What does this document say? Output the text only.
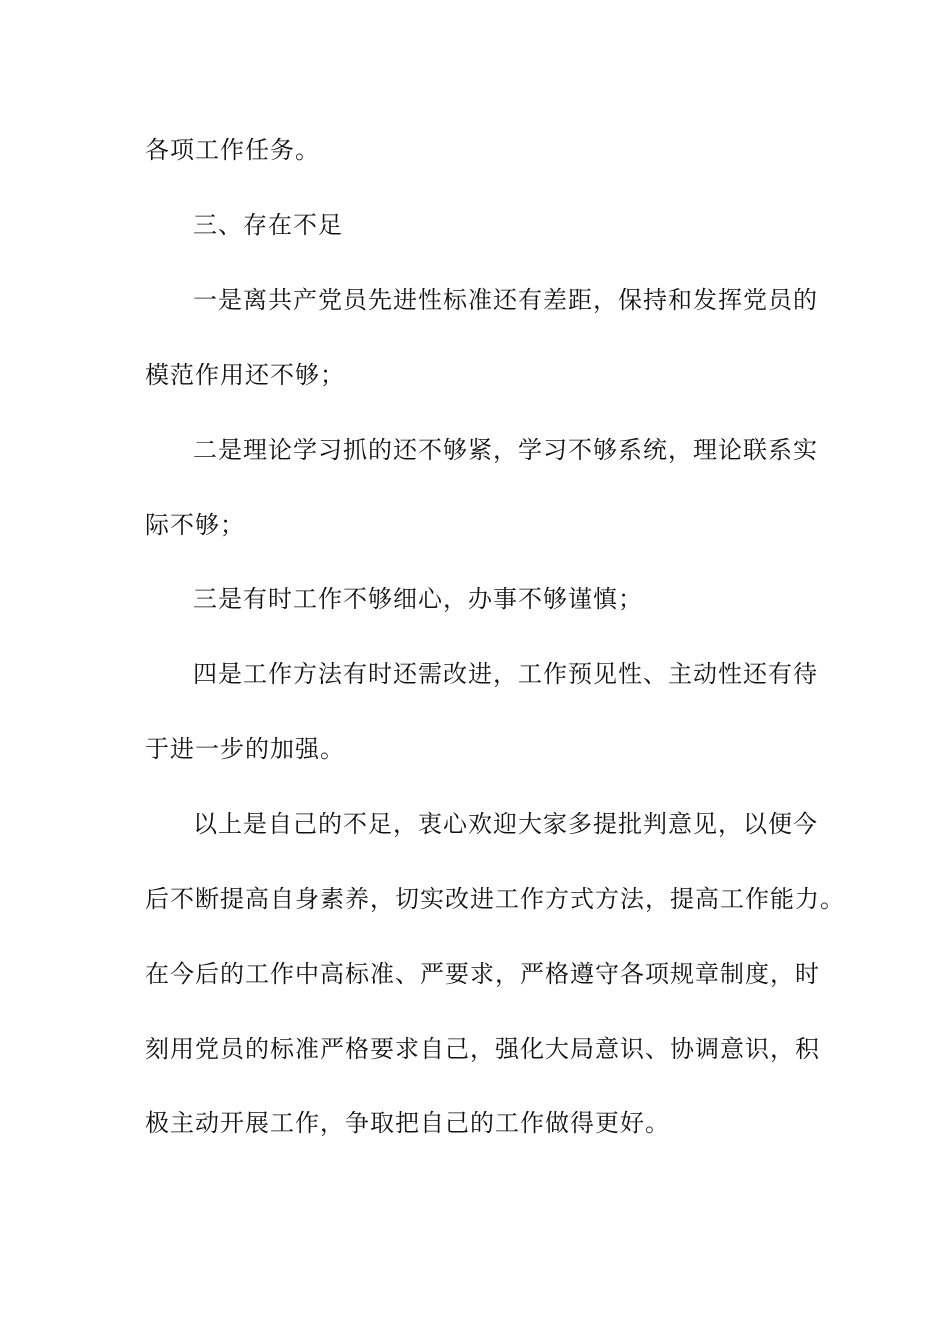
各项工作任务。

三、存在不足

一是离共产党员先进性标准还有差距，保持和发挥党员的

模范作用还不够；

二是理论学习抓的还不够紧，学习不够系统，理论联系实

际不够；

三是有时工作不够细心，办事不够谨慎；

四是工作方法有时还需改进，工作预见性、主动性还有待

于进一步的加强。

以上是自己的不足，衷心欢迎大家多提批判意见，以便今

后不断提高自身素养，切实改进工作方式方法，提高工作能力。

在今后的工作中高标准、严要求，严格遵守各项规章制度，时

刻用党员的标准严格要求自己，强化大局意识、协调意识，积

极主动开展工作，争取把自己的工作做得更好。
